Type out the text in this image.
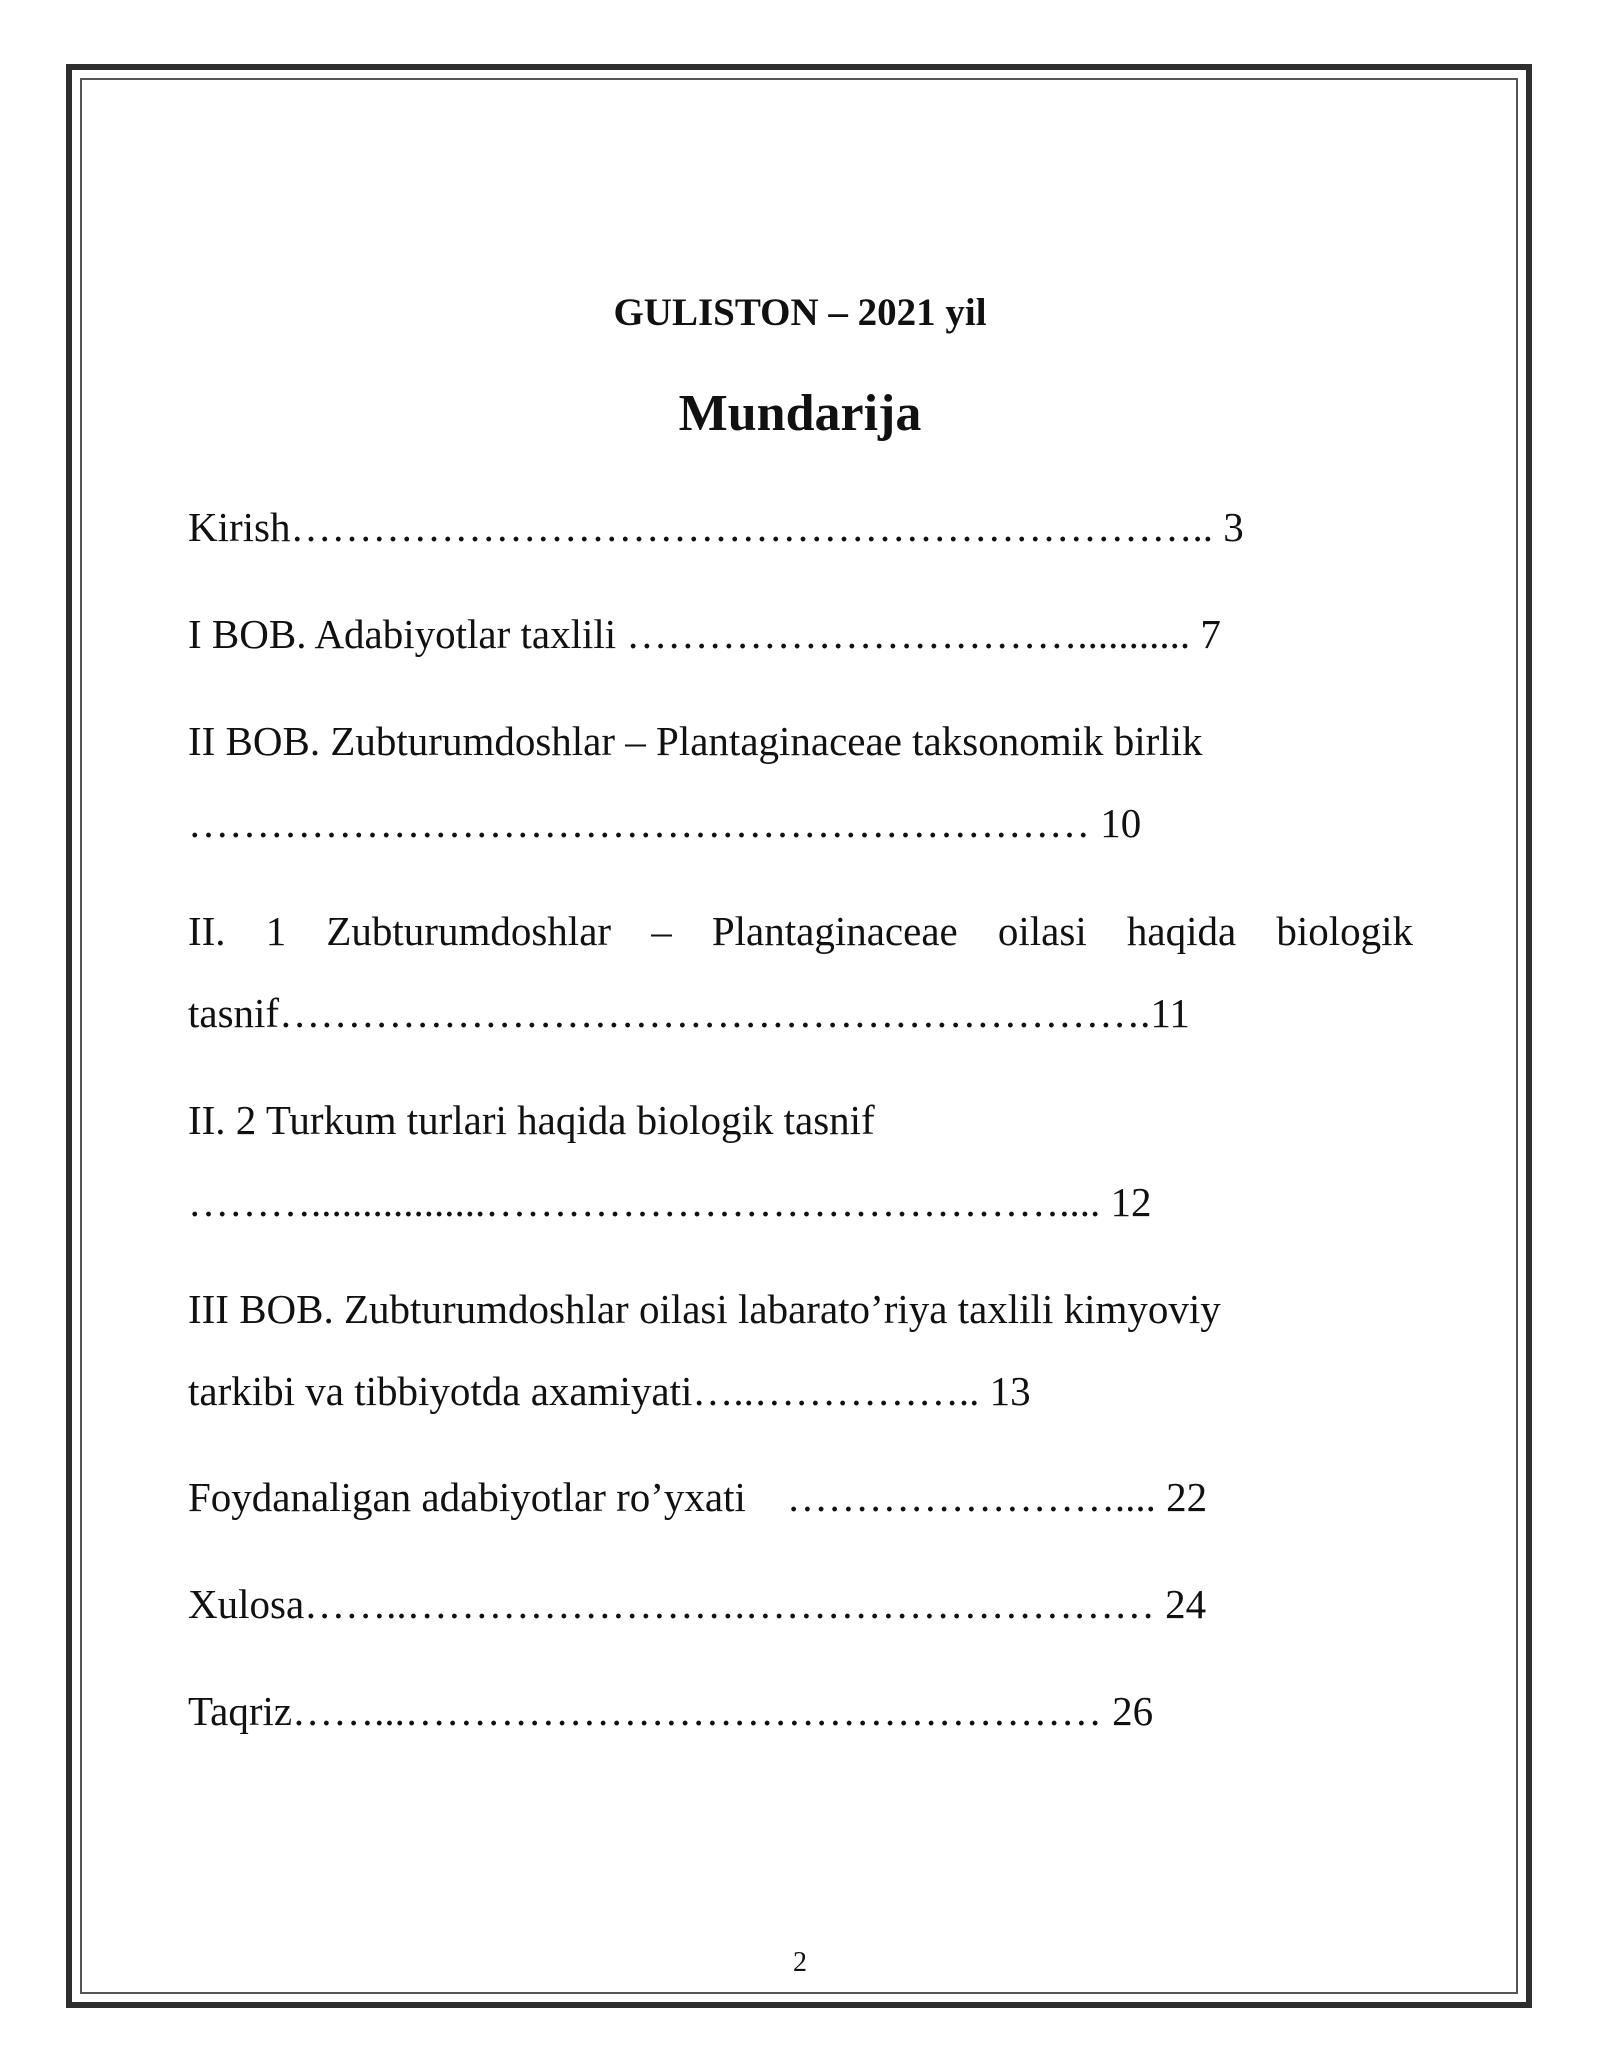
GULISTON – 2021 yil
Mundarija
Kirish………………………………………………………….. 3
I BOB. Adabiyotlar taxlili ……………………………........... 7
II BOB. Zubturumdoshlar – Plantaginaceae taksonomik birlik
………………………………………………………… 10
II. 1 Zubturumdoshlar – Plantaginaceae oilasi haqida biologik
tasnif……………………………………………………….11
II. 2 Turkum turlari haqida biologik tasnif
……….................…………………………………….... 12
III BOB. Zubturumdoshlar oilasi labarato’riya taxlili kimyoviy
tarkibi va tibbiyotda axamiyati…..…………….. 13
Foydanaligan adabiyotlar ro’yxati    …………………….... 22
Xulosa……..…………………….………………………… 24
Taqriz……...…………………………………………… 26
2
